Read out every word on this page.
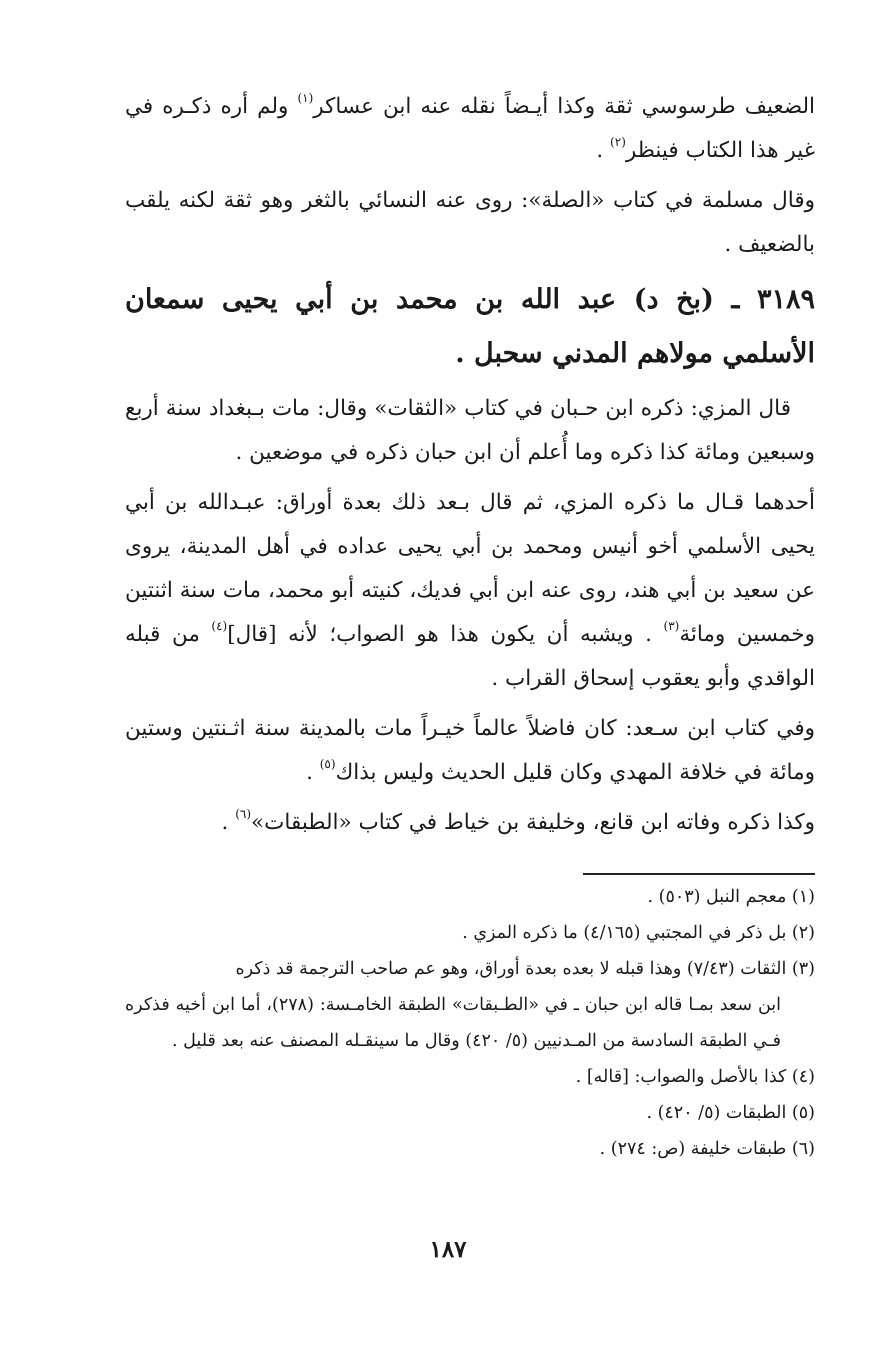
الضعيف طرسوسي ثقة وكذا أيـضاً نقله عنه ابن عساكر$^{(١)}$ ولم أره ذكـره في غير هذا الكتاب فينظر$^{(٢)}$ .

وقال مسلمة في كتاب «الصلة»: روى عنه النسائي بالثغر وهو ثقة لكنه يلقب بالضعيف .

٣١٨٩ ـ (بخ د) عبد الله بن محمد بن أبي يحيى سمعان الأسلمي مولاهم المدني سحبل .

قال المزي: ذكره ابن حـبان في كتاب «الثقات» وقال: مات بـبغداد سنة أربع وسبعين ومائة كذا ذكره وما أُعلم أن ابن حبان ذكره في موضعين .

أحدهما قـال ما ذكره المزي، ثم قال بـعد ذلك بعدة أوراق: عبـدالله بن أبي يحيى الأسلمي أخو أنيس ومحمد بن أبي يحيى عداده في أهل المدينة، يروى عن سعيد بن أبي هند، روى عنه ابن أبي فديك، كنيته أبو محمد، مات سنة اثنتين وخمسين ومائة$^{(٣)}$ . ويشبه أن يكون هذا هو الصواب؛ لأنه [قال]$^{(٤)}$ من قبله الواقدي وأبو يعقوب إسحاق القراب .

وفي كتاب ابن سـعد: كان فاضلاً عالماً خيـراً مات بالمدينة سنة اثـنتين وستين ومائة في خلافة المهدي وكان قليل الحديث وليس بذاك$^{(٥)}$ .

وكذا ذكره وفاته ابن قانع، وخليفة بن خياط في كتاب «الطبقات»$^{(٦)}$ .

(١) معجم النبل (٥٠٣) .

(٢) بل ذكر في المجتبي (٤/١٦٥) ما ذكره المزي .

(٣) الثقات (٧/٤٣) وهذا قبله لا بعده بعدة أوراق، وهو عم صاحب الترجمة قد ذكره

ابن سعد بمـا قاله ابن حبان ـ في «الطـبقات» الطبقة الخامـسة: (٢٧٨)، أما ابن أخيه فذكره فـي الطبقة السادسة من المـدنيين (٥/ ٤٢٠) وقال ما سينقـله المصنف عنه بعد قليل .

(٤) كذا بالأصل والصواب: [قاله] .

(٥) الطبقات (٥/ ٤٢٠) .

(٦) طبقات خليفة (ص: ٢٧٤) .

١٨٧
